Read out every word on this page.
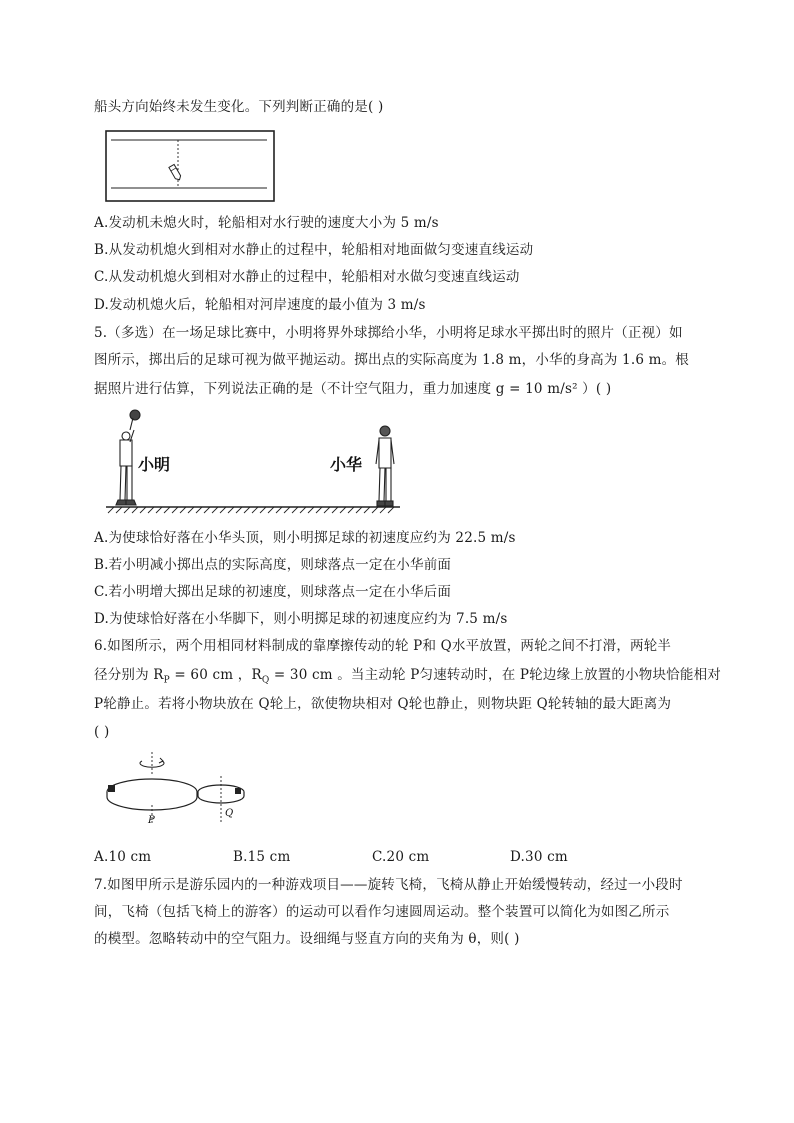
船头方向始终未发生变化。下列判断正确的是( )
A.发动机未熄火时，轮船相对水行驶的速度大小为 5 m/s
B.从发动机熄火到相对水静止的过程中，轮船相对地面做匀变速直线运动
C.从发动机熄火到相对水静止的过程中，轮船相对水做匀变速直线运动
D.发动机熄火后，轮船相对河岸速度的最小值为 3 m/s
5.（多选）在一场足球比赛中，小明将界外球掷给小华，小明将足球水平掷出时的照片（正视）如
图所示，掷出后的足球可视为做平抛运动。掷出点的实际高度为 1.8 m，小华的身高为 1.6 m。根
据照片进行估算，下列说法正确的是（不计空气阻力，重力加速度 g = 10 m/s² ）( )
小明	小华
A.为使球恰好落在小华头顶，则小明掷足球的初速度应约为 22.5 m/s
B.若小明减小掷出点的实际高度，则球落点一定在小华前面
C.若小明增大掷出足球的初速度，则球落点一定在小华后面
D.为使球恰好落在小华脚下，则小明掷足球的初速度应约为 7.5 m/s
6.如图所示，两个用相同材料制成的靠摩擦传动的轮 P和 Q水平放置，两轮之间不打滑，两轮半
径分别为 $R_P = 60$ cm ，$R_Q = 30$ cm 。当主动轮 P匀速转动时，在 P轮边缘上放置的小物块恰能相对
P轮静止。若将小物块放在 Q轮上，欲使物块相对 Q轮也静止，则物块距 Q轮转轴的最大距离为
( )
P
Q
A.10 cm	B.15 cm	C.20 cm	D.30 cm
7.如图甲所示是游乐园内的一种游戏项目——旋转飞椅，飞椅从静止开始缓慢转动，经过一小段时
间，飞椅（包括飞椅上的游客）的运动可以看作匀速圆周运动。整个装置可以简化为如图乙所示
的模型。忽略转动中的空气阻力。设细绳与竖直方向的夹角为 θ，则( )
